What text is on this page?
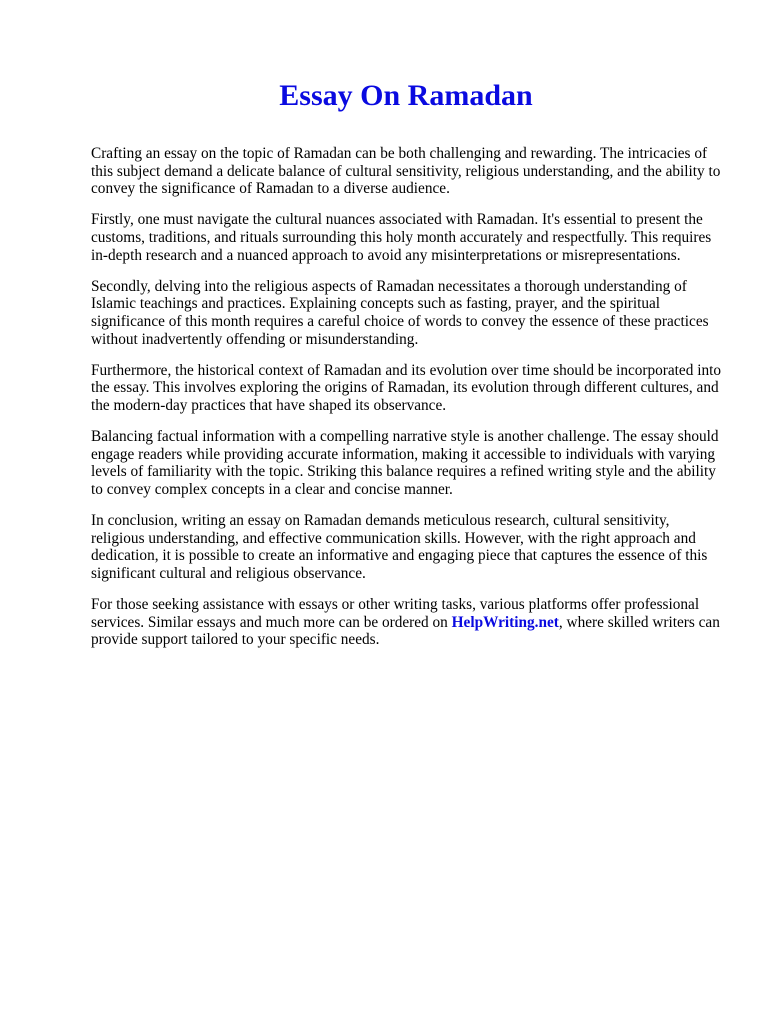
Essay On Ramadan

Crafting an essay on the topic of Ramadan can be both challenging and rewarding. The intricacies of this subject demand a delicate balance of cultural sensitivity, religious understanding, and the ability to convey the significance of Ramadan to a diverse audience.

Firstly, one must navigate the cultural nuances associated with Ramadan. It's essential to present the customs, traditions, and rituals surrounding this holy month accurately and respectfully. This requires in-depth research and a nuanced approach to avoid any misinterpretations or misrepresentations.

Secondly, delving into the religious aspects of Ramadan necessitates a thorough understanding of Islamic teachings and practices. Explaining concepts such as fasting, prayer, and the spiritual significance of this month requires a careful choice of words to convey the essence of these practices without inadvertently offending or misunderstanding.

Furthermore, the historical context of Ramadan and its evolution over time should be incorporated into the essay. This involves exploring the origins of Ramadan, its evolution through different cultures, and the modern-day practices that have shaped its observance.

Balancing factual information with a compelling narrative style is another challenge. The essay should engage readers while providing accurate information, making it accessible to individuals with varying levels of familiarity with the topic. Striking this balance requires a refined writing style and the ability to convey complex concepts in a clear and concise manner.

In conclusion, writing an essay on Ramadan demands meticulous research, cultural sensitivity, religious understanding, and effective communication skills. However, with the right approach and dedication, it is possible to create an informative and engaging piece that captures the essence of this significant cultural and religious observance.

For those seeking assistance with essays or other writing tasks, various platforms offer professional services. Similar essays and much more can be ordered on HelpWriting.net, where skilled writers can provide support tailored to your specific needs.
